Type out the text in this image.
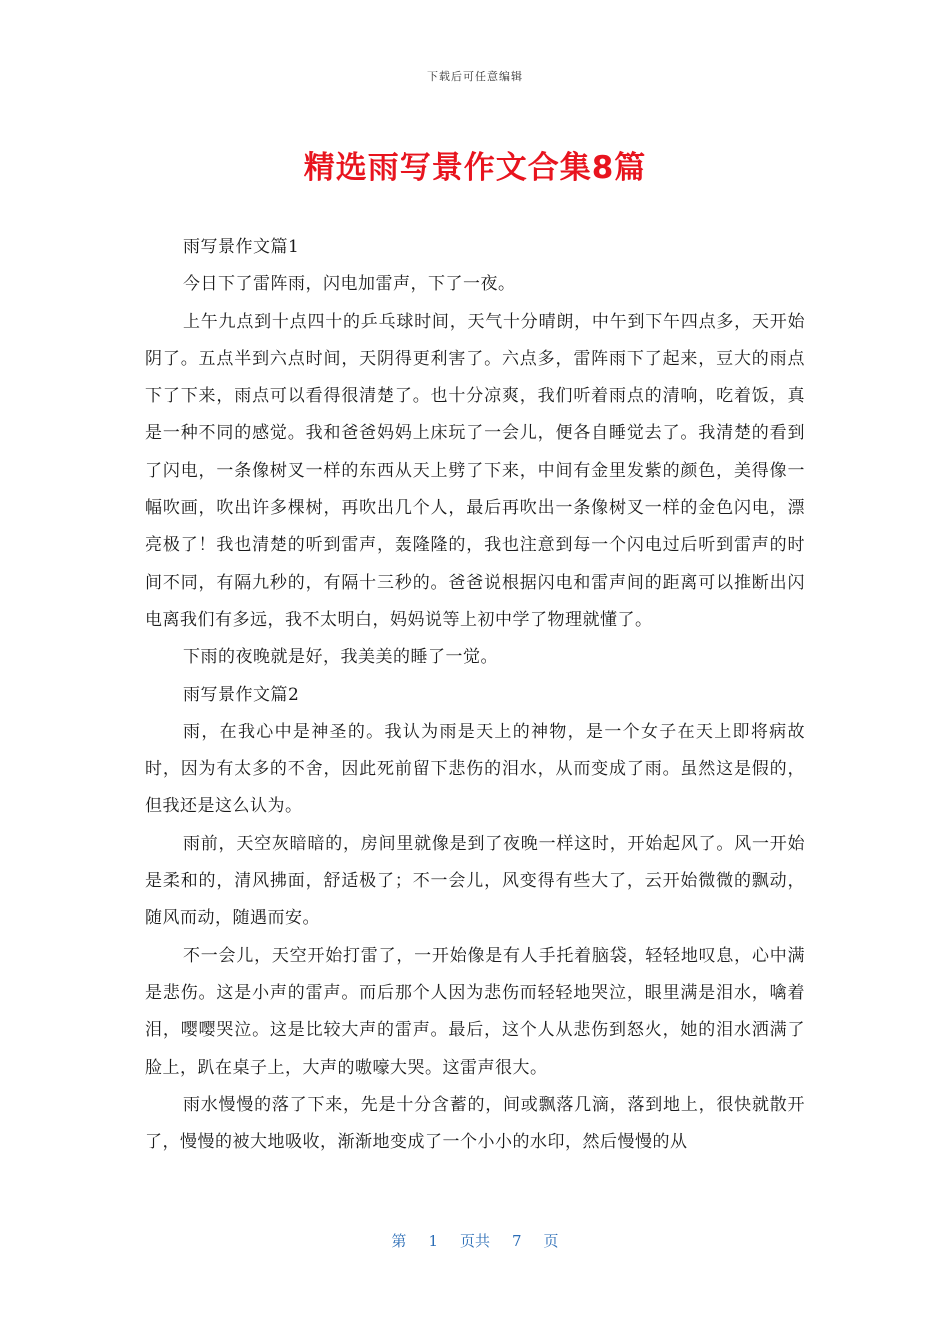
下载后可任意编辑
精选雨写景作文合集8篇

雨写景作文篇1

今日下了雷阵雨，闪电加雷声，下了一夜。

上午九点到十点四十的乒乓球时间，天气十分晴朗，中午到下午四点多，天开始阴了。五点半到六点时间，天阴得更利害了。六点多，雷阵雨下了起来，豆大的雨点下了下来，雨点可以看得很清楚了。也十分凉爽，我们听着雨点的清响，吃着饭，真是一种不同的感觉。我和爸爸妈妈上床玩了一会儿，便各自睡觉去了。我清楚的看到了闪电，一条像树叉一样的东西从天上劈了下来，中间有金里发紫的颜色，美得像一幅吹画，吹出许多棵树，再吹出几个人，最后再吹出一条像树叉一样的金色闪电，漂亮极了！我也清楚的听到雷声，轰隆隆的，我也注意到每一个闪电过后听到雷声的时间不同，有隔九秒的，有隔十三秒的。爸爸说根据闪电和雷声间的距离可以推断出闪电离我们有多远，我不太明白，妈妈说等上初中学了物理就懂了。

下雨的夜晚就是好，我美美的睡了一觉。

雨写景作文篇2

雨，在我心中是神圣的。我认为雨是天上的神物，是一个女子在天上即将病故时，因为有太多的不舍，因此死前留下悲伤的泪水，从而变成了雨。虽然这是假的，但我还是这么认为。

雨前，天空灰暗暗的，房间里就像是到了夜晚一样这时，开始起风了。风一开始是柔和的，清风拂面，舒适极了；不一会儿，风变得有些大了，云开始微微的飘动，随风而动，随遇而安。

不一会儿，天空开始打雷了，一开始像是有人手托着脑袋，轻轻地叹息，心中满是悲伤。这是小声的雷声。而后那个人因为悲伤而轻轻地哭泣，眼里满是泪水，噙着泪，嘤嘤哭泣。这是比较大声的雷声。最后，这个人从悲伤到怒火，她的泪水洒满了脸上，趴在桌子上，大声的嗷嚎大哭。这雷声很大。

雨水慢慢的落了下来，先是十分含蓄的，间或飘落几滴，落到地上，很快就散开了，慢慢的被大地吸收，渐渐地变成了一个小小的水印，然后慢慢的从

第 1 页共 7 页
